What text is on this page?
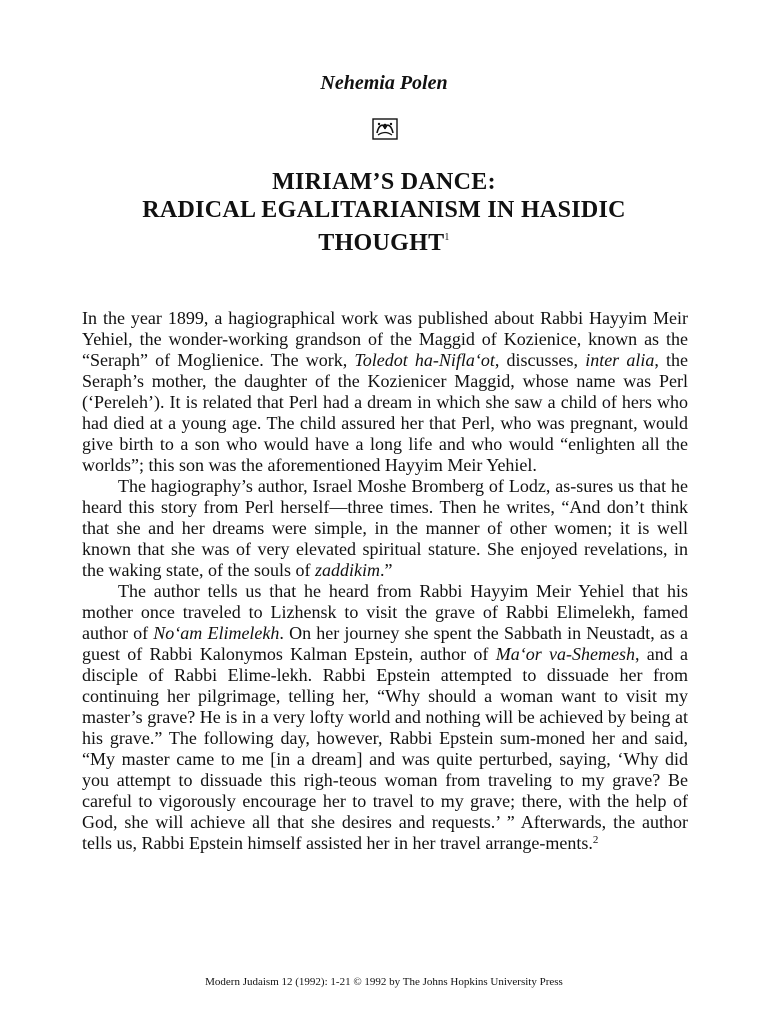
Nehemia Polen
MIRIAM’S DANCE:
RADICAL EGALITARIANISM IN HASIDIC
THOUGHT$^1$

In the year 1899, a hagiographical work was published about Rabbi Hayyim Meir Yehiel, the wonder-working grandson of the Maggid of Kozienice, known as the “Seraph” of Moglienice. The work, Toledot ha-Nifla‘ot, discusses, inter alia, the Seraph’s mother, the daughter of the Kozienicer Maggid, whose name was Perl (‘Pereleh’). It is related that Perl had a dream in which she saw a child of hers who had died at a young age. The child assured her that Perl, who was pregnant, would give birth to a son who would have a long life and who would “enlighten all the worlds”; this son was the aforementioned Hayyim Meir Yehiel.

The hagiography’s author, Israel Moshe Bromberg of Lodz, as-sures us that he heard this story from Perl herself—three times. Then he writes, “And don’t think that she and her dreams were simple, in the manner of other women; it is well known that she was of very elevated spiritual stature. She enjoyed revelations, in the waking state, of the souls of zaddikim.”

The author tells us that he heard from Rabbi Hayyim Meir Yehiel that his mother once traveled to Lizhensk to visit the grave of Rabbi Elimelekh, famed author of No‘am Elimelekh. On her journey she spent the Sabbath in Neustadt, as a guest of Rabbi Kalonymos Kalman Epstein, author of Ma‘or va-Shemesh, and a disciple of Rabbi Elime-lekh. Rabbi Epstein attempted to dissuade her from continuing her pilgrimage, telling her, “Why should a woman want to visit my master’s grave? He is in a very lofty world and nothing will be achieved by being at his grave.” The following day, however, Rabbi Epstein sum-moned her and said, “My master came to me [in a dream] and was quite perturbed, saying, ‘Why did you attempt to dissuade this righ-teous woman from traveling to my grave? Be careful to vigorously encourage her to travel to my grave; there, with the help of God, she will achieve all that she desires and requests.’ ” Afterwards, the author tells us, Rabbi Epstein himself assisted her in her travel arrange-ments.$^2$

Modern Judaism 12 (1992): 1-21 © 1992 by The Johns Hopkins University Press
